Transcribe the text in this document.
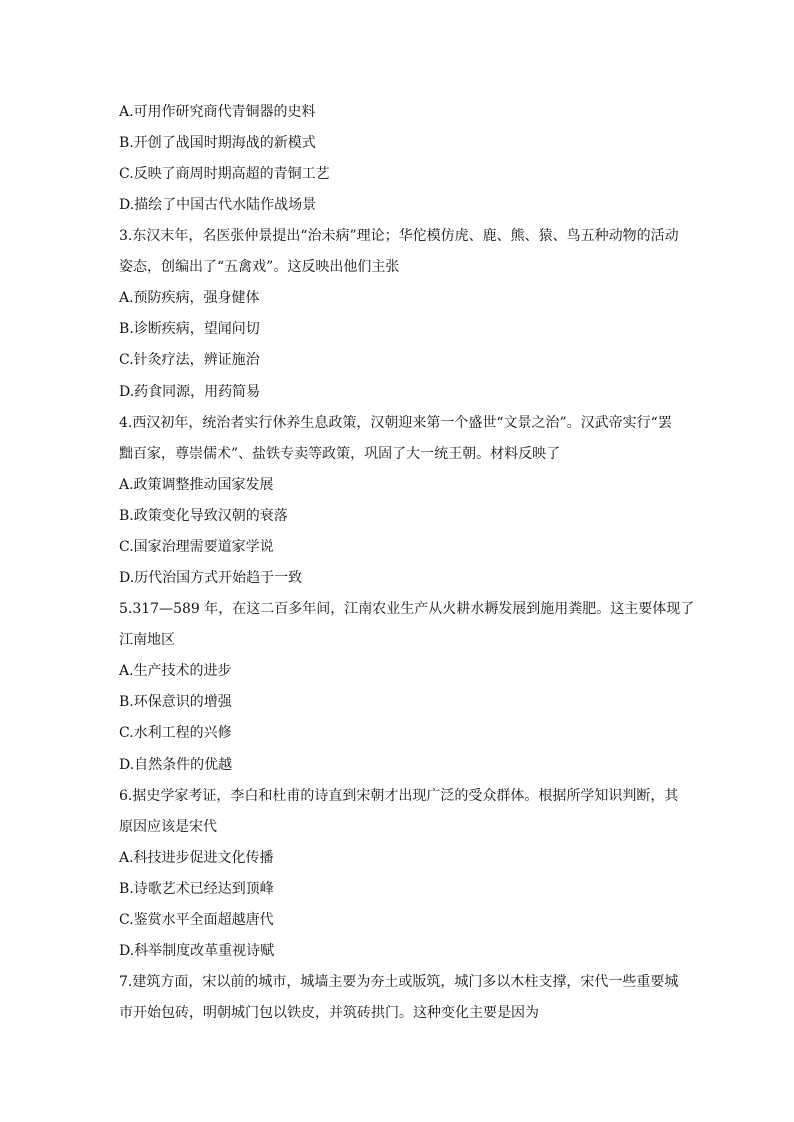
A.可用作研究商代青铜器的史料

B.开创了战国时期海战的新模式

C.反映了商周时期高超的青铜工艺

D.描绘了中国古代水陆作战场景

3.东汉末年，名医张仲景提出“治未病”理论；华佗模仿虎、鹿、熊、猿、鸟五种动物的活动

姿态，创编出了“五禽戏”。这反映出他们主张

A.预防疾病，强身健体

B.诊断疾病，望闻问切

C.针灸疗法，辨证施治

D.药食同源，用药简易

4.西汉初年，统治者实行休养生息政策，汉朝迎来第一个盛世“文景之治”。汉武帝实行“罢

黜百家，尊崇儒术”、盐铁专卖等政策，巩固了大一统王朝。材料反映了

A.政策调整推动国家发展

B.政策变化导致汉朝的衰落

C.国家治理需要道家学说

D.历代治国方式开始趋于一致

5.317—589 年，在这二百多年间，江南农业生产从火耕水耨发展到施用粪肥。这主要体现了

江南地区

A.生产技术的进步

B.环保意识的增强

C.水利工程的兴修

D.自然条件的优越

6.据史学家考证，李白和杜甫的诗直到宋朝才出现广泛的受众群体。根据所学知识判断，其

原因应该是宋代

A.科技进步促进文化传播

B.诗歌艺术已经达到顶峰

C.鉴赏水平全面超越唐代

D.科举制度改革重视诗赋

7.建筑方面，宋以前的城市，城墙主要为夯土或版筑，城门多以木柱支撑，宋代一些重要城

市开始包砖，明朝城门包以铁皮，并筑砖拱门。这种变化主要是因为
